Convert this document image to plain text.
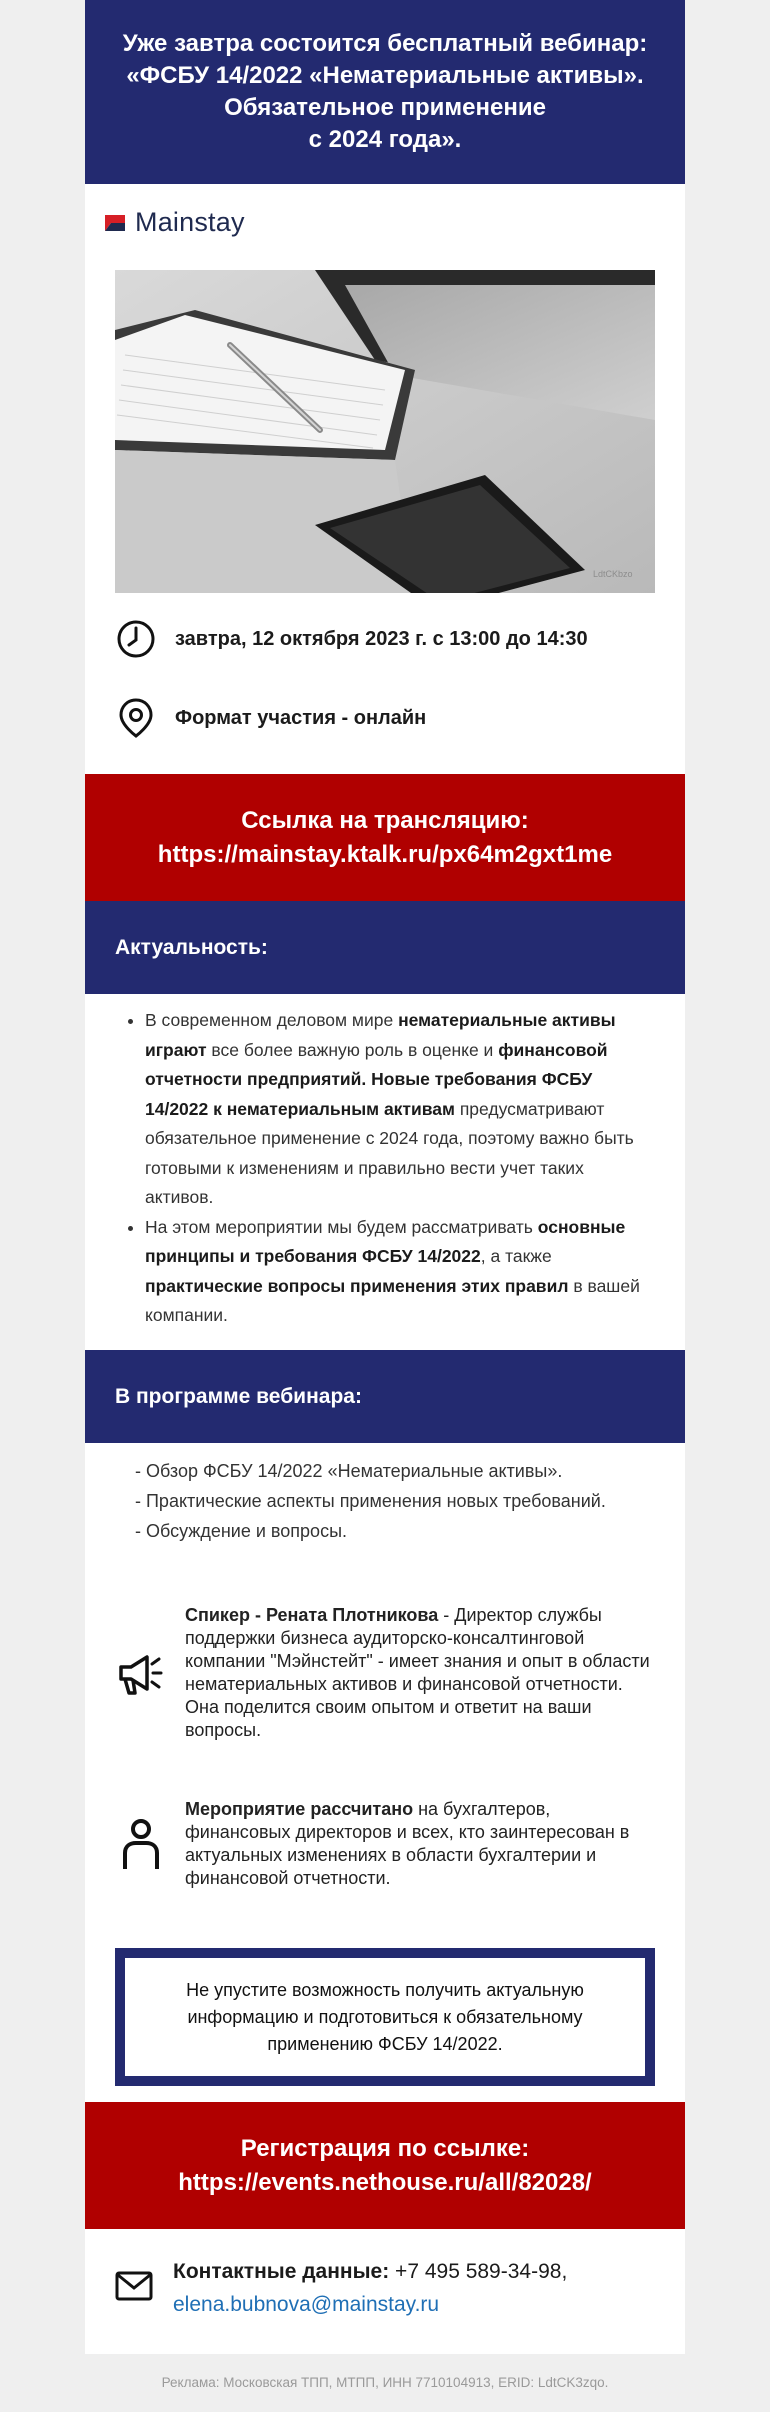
Уже завтра состоится бесплатный вебинар:
«ФСБУ 14/2022 «Нематериальные активы».
Обязательное применение
с 2024 года».
Mainstay
LdtCKbzo
завтра, 12 октября 2023 г. с 13:00 до 14:30
Формат участия - онлайн
Ссылка на трансляцию:
https://mainstay.ktalk.ru/px64m2gxt1me
Актуальность:
• В современном деловом мире нематериальные активы играют все более важную роль в оценке и финансовой отчетности предприятий. Новые требования ФСБУ 14/2022 к нематериальным активам предусматривают обязательное применение с 2024 года, поэтому важно быть готовыми к изменениям и правильно вести учет таких активов.
• На этом мероприятии мы будем рассматривать основные принципы и требования ФСБУ 14/2022, а также практические вопросы применения этих правил в вашей компании.
В программе вебинара:
- Обзор ФСБУ 14/2022 «Нематериальные активы».
- Практические аспекты применения новых требований.
- Обсуждение и вопросы.
Спикер - Рената Плотникова - Директор службы поддержки бизнеса аудиторско-консалтинговой компании "Мэйнстейт" - имеет знания и опыт в области нематериальных активов и финансовой отчетности. Она поделится своим опытом и ответит на ваши вопросы.
Мероприятие рассчитано на бухгалтеров, финансовых директоров и всех, кто заинтересован в актуальных изменениях в области бухгалтерии и финансовой отчетности.
Не упустите возможность получить актуальную информацию и подготовиться к обязательному применению ФСБУ 14/2022.
Регистрация по ссылке:
https://events.nethouse.ru/all/82028/
Контактные данные: +7 495 589-34-98,
elena.bubnova@mainstay.ru
Реклама: Московская ТПП, МТПП, ИНН 7710104913, ERID: LdtCK3zqo.
